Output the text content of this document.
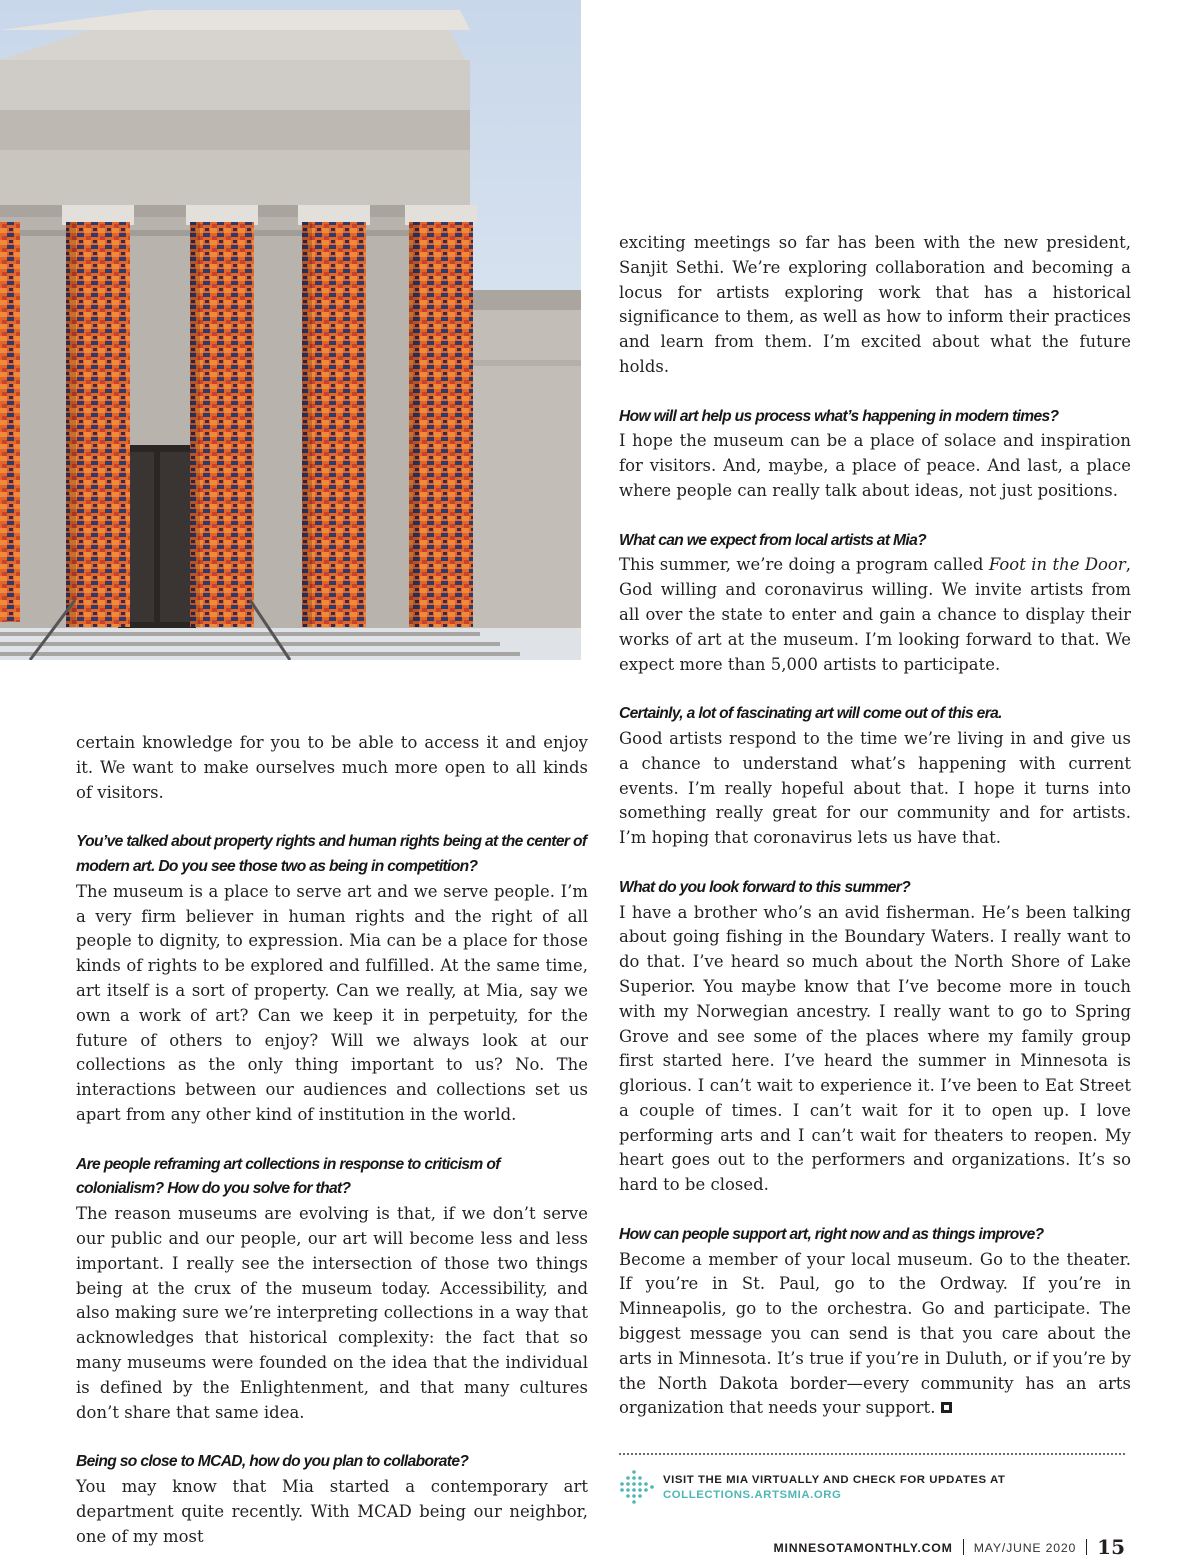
certain knowledge for you to be able to access it and enjoy it. We want to make ourselves much more open to all kinds of visitors.

You’ve talked about property rights and human rights being at the center of modern art. Do you see those two as being in competition?

The museum is a place to serve art and we serve people. I’m a very firm believer in human rights and the right of all people to dignity, to expression. Mia can be a place for those kinds of rights to be explored and fulfilled. At the same time, art itself is a sort of property. Can we really, at Mia, say we own a work of art? Can we keep it in perpetuity, for the future of others to enjoy? Will we always look at our collections as the only thing important to us? No. The interactions between our audiences and collections set us apart from any other kind of institution in the world.

Are people reframing art collections in response to criticism of colonialism? How do you solve for that?

The reason museums are evolving is that, if we don’t serve our public and our people, our art will become less and less important. I really see the intersection of those two things being at the crux of the museum today. Accessibility, and also making sure we’re interpreting collections in a way that acknowledges that historical complexity: the fact that so many museums were founded on the idea that the individual is defined by the Enlightenment, and that many cultures don’t share that same idea.

Being so close to MCAD, how do you plan to collaborate?

You may know that Mia started a contemporary art department quite recently. With MCAD being our neighbor, one of my most

exciting meetings so far has been with the new president, Sanjit Sethi. We’re exploring collaboration and becoming a locus for artists exploring work that has a historical significance to them, as well as how to inform their practices and learn from them. I’m excited about what the future holds.

How will art help us process what’s happening in modern times?

I hope the museum can be a place of solace and inspiration for visitors. And, maybe, a place of peace. And last, a place where people can really talk about ideas, not just positions.

What can we expect from local artists at Mia?

This summer, we’re doing a program called Foot in the Door, God willing and coronavirus willing. We invite artists from all over the state to enter and gain a chance to display their works of art at the museum. I’m looking forward to that. We expect more than 5,000 artists to participate.

Certainly, a lot of fascinating art will come out of this era.

Good artists respond to the time we’re living in and give us a chance to understand what’s happening with current events. I’m really hopeful about that. I hope it turns into something really great for our community and for artists. I’m hoping that coronavirus lets us have that.

What do you look forward to this summer?

I have a brother who’s an avid fisherman. He’s been talking about going fishing in the Boundary Waters. I really want to do that. I’ve heard so much about the North Shore of Lake Superior. You maybe know that I’ve become more in touch with my Norwegian ancestry. I really want to go to Spring Grove and see some of the places where my family group first started here. I’ve heard the summer in Minnesota is glorious. I can’t wait to experience it. I’ve been to Eat Street a couple of times. I can’t wait for it to open up. I love performing arts and I can’t wait for theaters to reopen. My heart goes out to the performers and organizations. It’s so hard to be closed.

How can people support art, right now and as things improve?

Become a member of your local museum. Go to the theater. If you’re in St. Paul, go to the Ordway. If you’re in Minneapolis, go to the orchestra. Go and participate. The biggest message you can send is that you care about the arts in Minnesota. It’s true if you’re in Duluth, or if you’re by the North Dakota border—every community has an arts organization that needs your support.

VISIT THE MIA VIRTUALLY AND CHECK FOR UPDATES AT
COLLECTIONS.ARTSMIA.ORG
MINNESOTAMONTHLY.COM MAY/JUNE 2020 15
